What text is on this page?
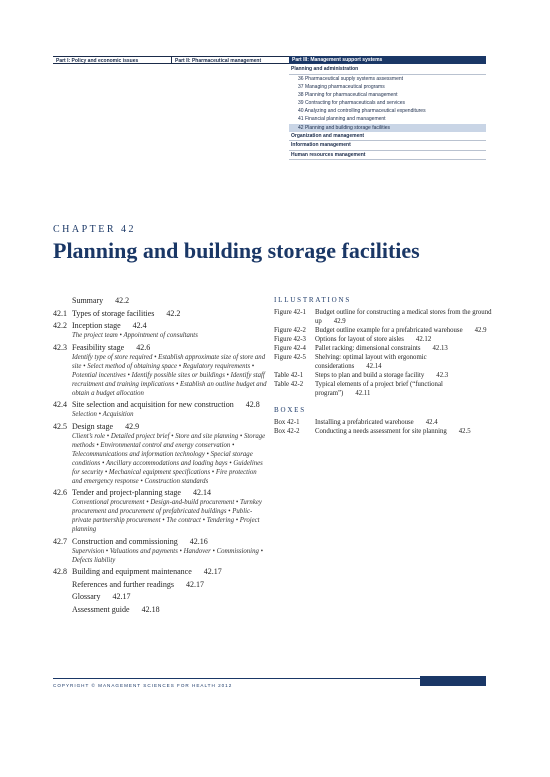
Part I: Policy and economic issues	Part II: Pharmaceutical management	Part III: Management support systems
Planning and administration
36 Pharmaceutical supply systems assessment
37 Managing pharmaceutical programs
38 Planning for pharmaceutical management
39 Contracting for pharmaceuticals and services
40 Analyzing and controlling pharmaceutical expenditures
41 Financial planning and management
42 Planning and building storage facilities
Organization and management
Information management
Human resources management
CHAPTER 42
Planning and building storage facilities
Summary 42.2
42.1 Types of storage facilities 42.2
42.2 Inception stage 42.4
The project team • Appointment of consultants
42.3 Feasibility stage 42.6
Identify type of store required • Establish approximate size of store and site • Select method of obtaining space • Regulatory requirements • Potential incentives • Identify possible sites or buildings • Identify staff recruitment and training implications • Establish an outline budget and obtain a budget allocation
42.4 Site selection and acquisition for new construction 42.8
Selection • Acquisition
42.5 Design stage 42.9
Client’s role • Detailed project brief • Store and site planning • Storage methods • Environmental control and energy conservation • Telecommunications and information technology • Special storage conditions • Ancillary accommodations and loading bays • Guidelines for security • Mechanical equipment specifications • Fire protection and emergency response • Construction standards
42.6 Tender and project-planning stage 42.14
Conventional procurement • Design-and-build procurement • Turnkey procurement and procurement of prefabricated buildings • Public-private partnership procurement • The contract • Tendering • Project planning
42.7 Construction and commissioning 42.16
Supervision • Valuations and payments • Handover • Commissioning • Defects liability
42.8 Building and equipment maintenance 42.17
References and further readings 42.17
Glossary 42.17
Assessment guide 42.18
ILLUSTRATIONS
Figure 42-1	Budget outline for constructing a medical stores from the ground up 42.9
Figure 42-2	Budget outline example for a prefabricated warehouse 42.9
Figure 42-3	Options for layout of store aisles 42.12
Figure 42-4	Pallet racking: dimensional constraints 42.13
Figure 42-5	Shelving: optimal layout with ergonomic considerations 42.14
Table 42-1	Steps to plan and build a storage facility 42.3
Table 42-2	Typical elements of a project brief (“functional program”) 42.11
BOXES
Box 42-1	Installing a prefabricated warehouse 42.4
Box 42-2	Conducting a needs assessment for site planning 42.5
COPYRIGHT © MANAGEMENT SCIENCES FOR HEALTH 2012
